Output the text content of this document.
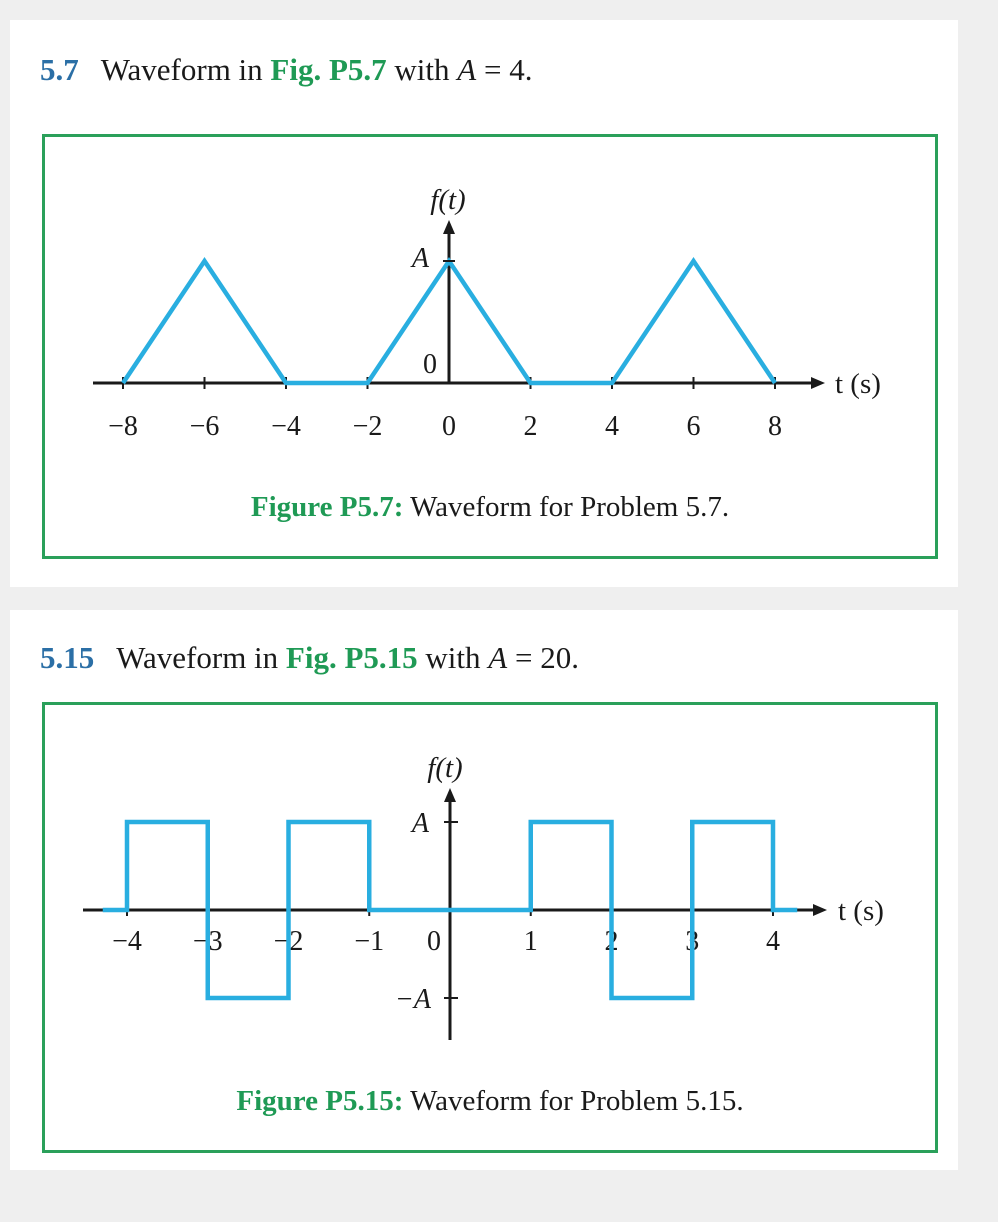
5.7 Waveform in Fig. P5.7 with A = 4.
−8 −6 −4 −2 0 2 4 6 8
A
0
f(t)
t (s)
Figure P5.7: Waveform for Problem 5.7.
5.15 Waveform in Fig. P5.15 with A = 20.
−4 −3 −2 −1 0	1 2 3 4
A
−A
f(t)
t (s)
Figure P5.15: Waveform for Problem 5.15.
